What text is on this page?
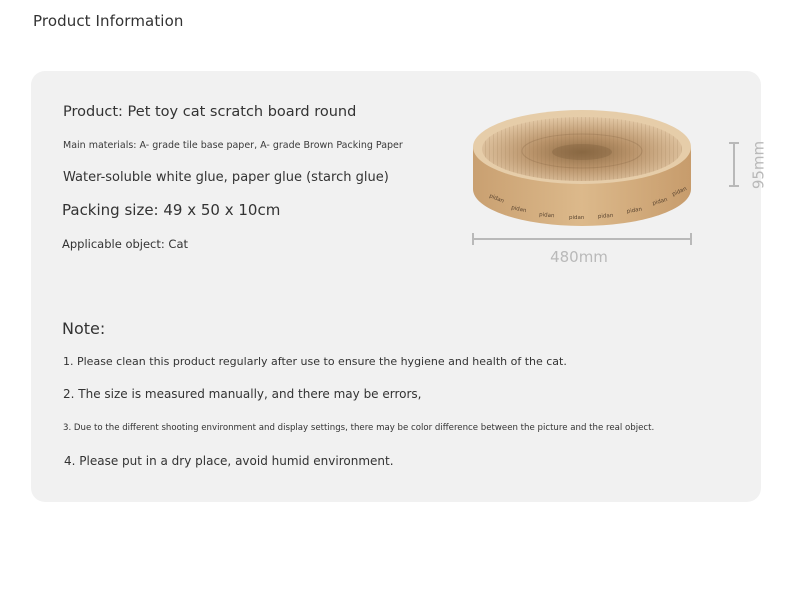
Product Information
Product: Pet toy cat scratch board round
Main materials: A- grade tile base paper, A- grade Brown Packing Paper
Water-soluble white glue, paper glue (starch glue)
Packing size: 49 x 50 x 10cm
Applicable object: Cat
pidan
pidan
pidan	pidan pidan
pidan
pidan
pidan
95mm
480mm
Note:
1. Please clean this product regularly after use to ensure the hygiene and health of the cat.
2. The size is measured manually, and there may be errors,
3. Due to the different shooting environment and display settings, there may be color difference between the picture and the real object.
4. Please put in a dry place, avoid humid environment.
